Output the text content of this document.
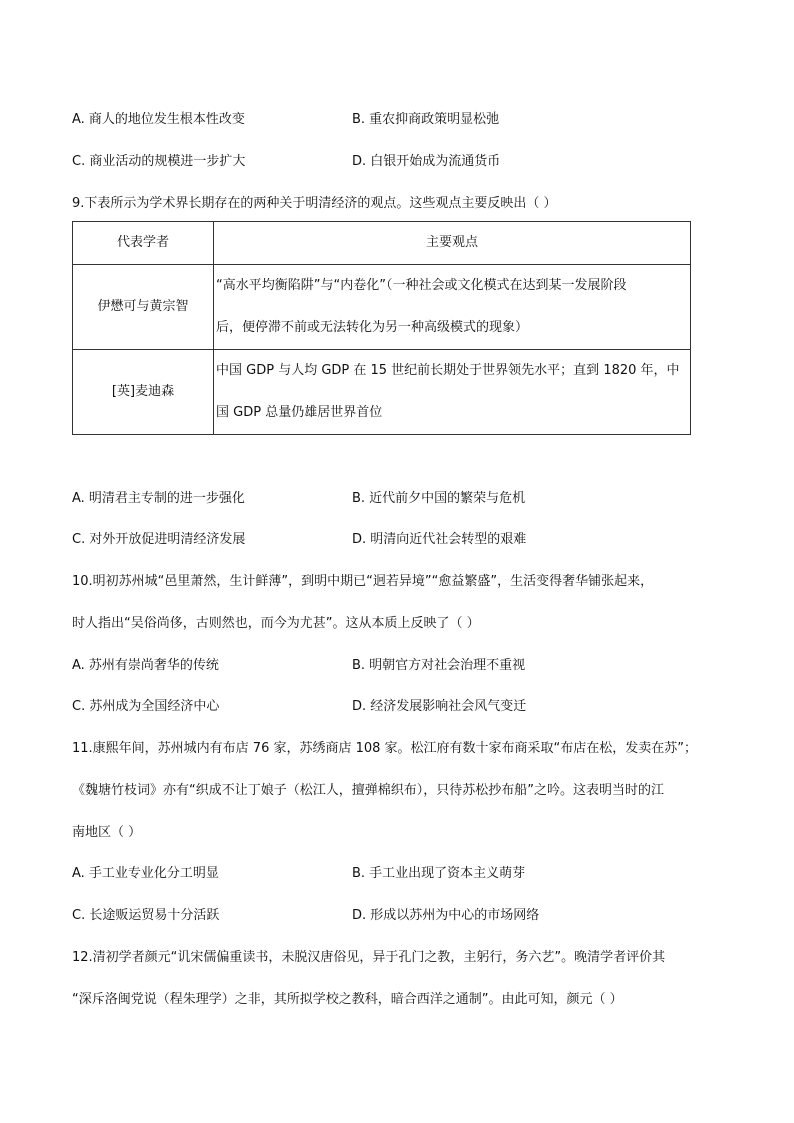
A. 商人的地位发生根本性改变	B. 重农抑商政策明显松弛
C. 商业活动的规模进一步扩大	D. 白银开始成为流通货币
9.下表所示为学术界长期存在的两种关于明清经济的观点。这些观点主要反映出（ ）
代表学者	主要观点
伊懋可与黄宗智	“高水平均衡陷阱”与“内卷化”（一种社会或文化模式在达到某一发展阶段
后，便停滞不前或无法转化为另一种高级模式的现象）

[英]麦迪森	中国 GDP 与人均 GDP 在 15 世纪前长期处于世界领先水平；直到 1820 年，中
国 GDP 总量仍雄居世界首位
A. 明清君主专制的进一步强化	B. 近代前夕中国的繁荣与危机
C. 对外开放促进明清经济发展	D. 明清向近代社会转型的艰难
10.明初苏州城“邑里萧然，生计鲜薄”，到明中期已“迥若异境”“愈益繁盛”，生活变得奢华铺张起来，
时人指出“吴俗尚侈，古则然也，而今为尤甚”。这从本质上反映了（ ）
A. 苏州有崇尚奢华的传统	B. 明朝官方对社会治理不重视
C. 苏州成为全国经济中心	D. 经济发展影响社会风气变迁
11.康熙年间，苏州城内有布店 76 家，苏绣商店 108 家。松江府有数十家布商采取“布店在松，发卖在苏”；
《魏塘竹枝词》亦有“织成不让丁娘子（松江人，擅弹棉织布），只待苏松抄布船”之吟。这表明当时的江
南地区（ ）
A. 手工业专业化分工明显	B. 手工业出现了资本主义萌芽
C. 长途贩运贸易十分活跃	D. 形成以苏州为中心的市场网络
12.清初学者颜元“讥宋儒偏重读书，未脱汉唐俗见，异于孔门之教，主躬行，务六艺”。晚清学者评价其
“深斥洛闽党说（程朱理学）之非，其所拟学校之教科，暗合西洋之通制”。由此可知，颜元（ ）
